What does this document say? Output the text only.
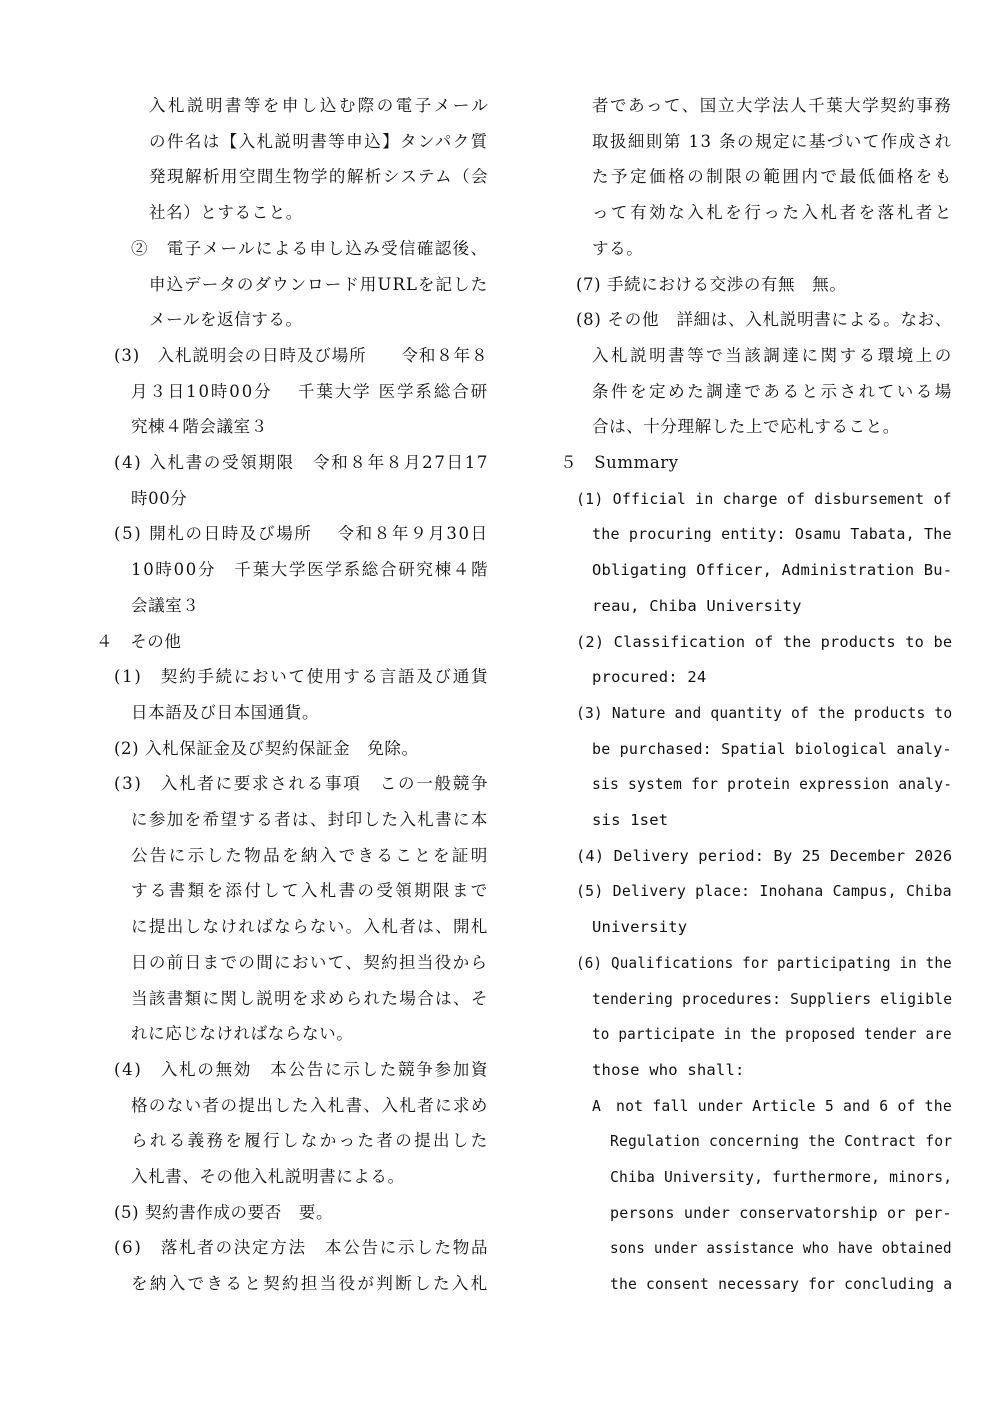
入札説明書等を申し込む際の電子メール
の件名は【入札説明書等申込】タンパク質
発現解析用空間生物学的解析システム（会
社名）とすること。
②　電子メールによる申し込み受信確認後、
申込データのダウンロード用URLを記した
メールを返信する。
(3)　入札説明会の日時及び場所　　令和８年８
月３日10時00分　 千葉大学 医学系総合研
究棟４階会議室３
(4) 入札書の受領期限　令和８年８月27日17
時00分
(5) 開札の日時及び場所　 令和８年９月30日
10時00分　千葉大学医学系総合研究棟４階
会議室３
４　その他
(1)　契約手続において使用する言語及び通貨
日本語及び日本国通貨。
(2) 入札保証金及び契約保証金　免除。
(3)　入札者に要求される事項　この一般競争
に参加を希望する者は、封印した入札書に本
公告に示した物品を納入できることを証明
する書類を添付して入札書の受領期限まで
に提出しなければならない。入札者は、開札
日の前日までの間において、契約担当役から
当該書類に関し説明を求められた場合は、そ
れに応じなければならない。
(4)　入札の無効　本公告に示した競争参加資
格のない者の提出した入札書、入札者に求め
られる義務を履行しなかった者の提出した
入札書、その他入札説明書による。
(5) 契約書作成の要否　要。
(6)　落札者の決定方法　本公告に示した物品
を納入できると契約担当役が判断した入札
者であって、国立大学法人千葉大学契約事務
取扱細則第 13 条の規定に基づいて作成され
た予定価格の制限の範囲内で最低価格をも
って有効な入札を行った入札者を落札者と
する。
(7) 手続における交渉の有無　無。
(8) その他　詳細は、入札説明書による。なお、
入札説明書等で当該調達に関する環境上の
条件を定めた調達であると示されている場
合は、十分理解した上で応札すること。
５　Summary
(1) Official in charge of disbursement of
the procuring entity: Osamu Tabata, The
Obligating Officer, Administration Bu-
reau, Chiba University
(2) Classification of the products to be
procured: 24
(3) Nature and quantity of the products to
be purchased: Spatial biological analy-
sis system for protein expression analy-
sis 1set
(4) Delivery period: By 25 December 2026
(5) Delivery place: Inohana Campus, Chiba
University
(6) Qualifications for participating in the
tendering procedures: Suppliers eligible
to participate in the proposed tender are
those who shall:
A　not fall under Article 5 and 6 of the
Regulation concerning the Contract for
Chiba University, furthermore, minors,
persons under conservatorship or per-
sons under assistance who have obtained
the consent necessary for concluding a
